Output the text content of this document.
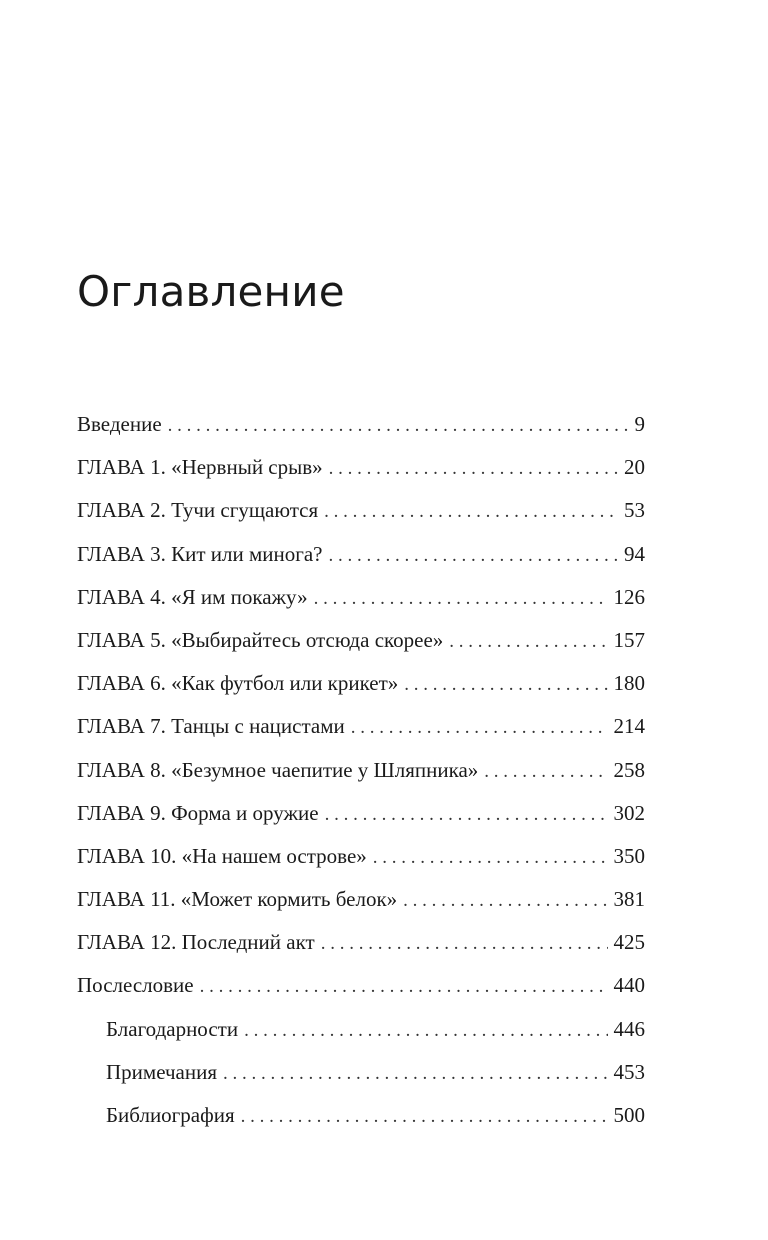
Оглавление
Введение . . .	9
ГЛАВА 1. «Нервный срыв» . . .	20
ГЛАВА 2. Тучи сгущаются . . .	53
ГЛАВА 3. Кит или минога? . . .	94
ГЛАВА 4. «Я им покажу» . . .	126
ГЛАВА 5. «Выбирайтесь отсюда скорее» . . .	157
ГЛАВА 6. «Как футбол или крикет» . . .	180
ГЛАВА 7. Танцы с нацистами . . .	214
ГЛАВА 8. «Безумное чаепитие у Шляпника» . . .	258
ГЛАВА 9. Форма и оружие . . .	302
ГЛАВА 10. «На нашем острове» . . .	350
ГЛАВА 11. «Может кормить белок» . . .	381
ГЛАВА 12. Последний акт . . .	425
Послесловие . . .	440
Благодарности . . .	446
Примечания . . .	453
Библиография . . .	500
